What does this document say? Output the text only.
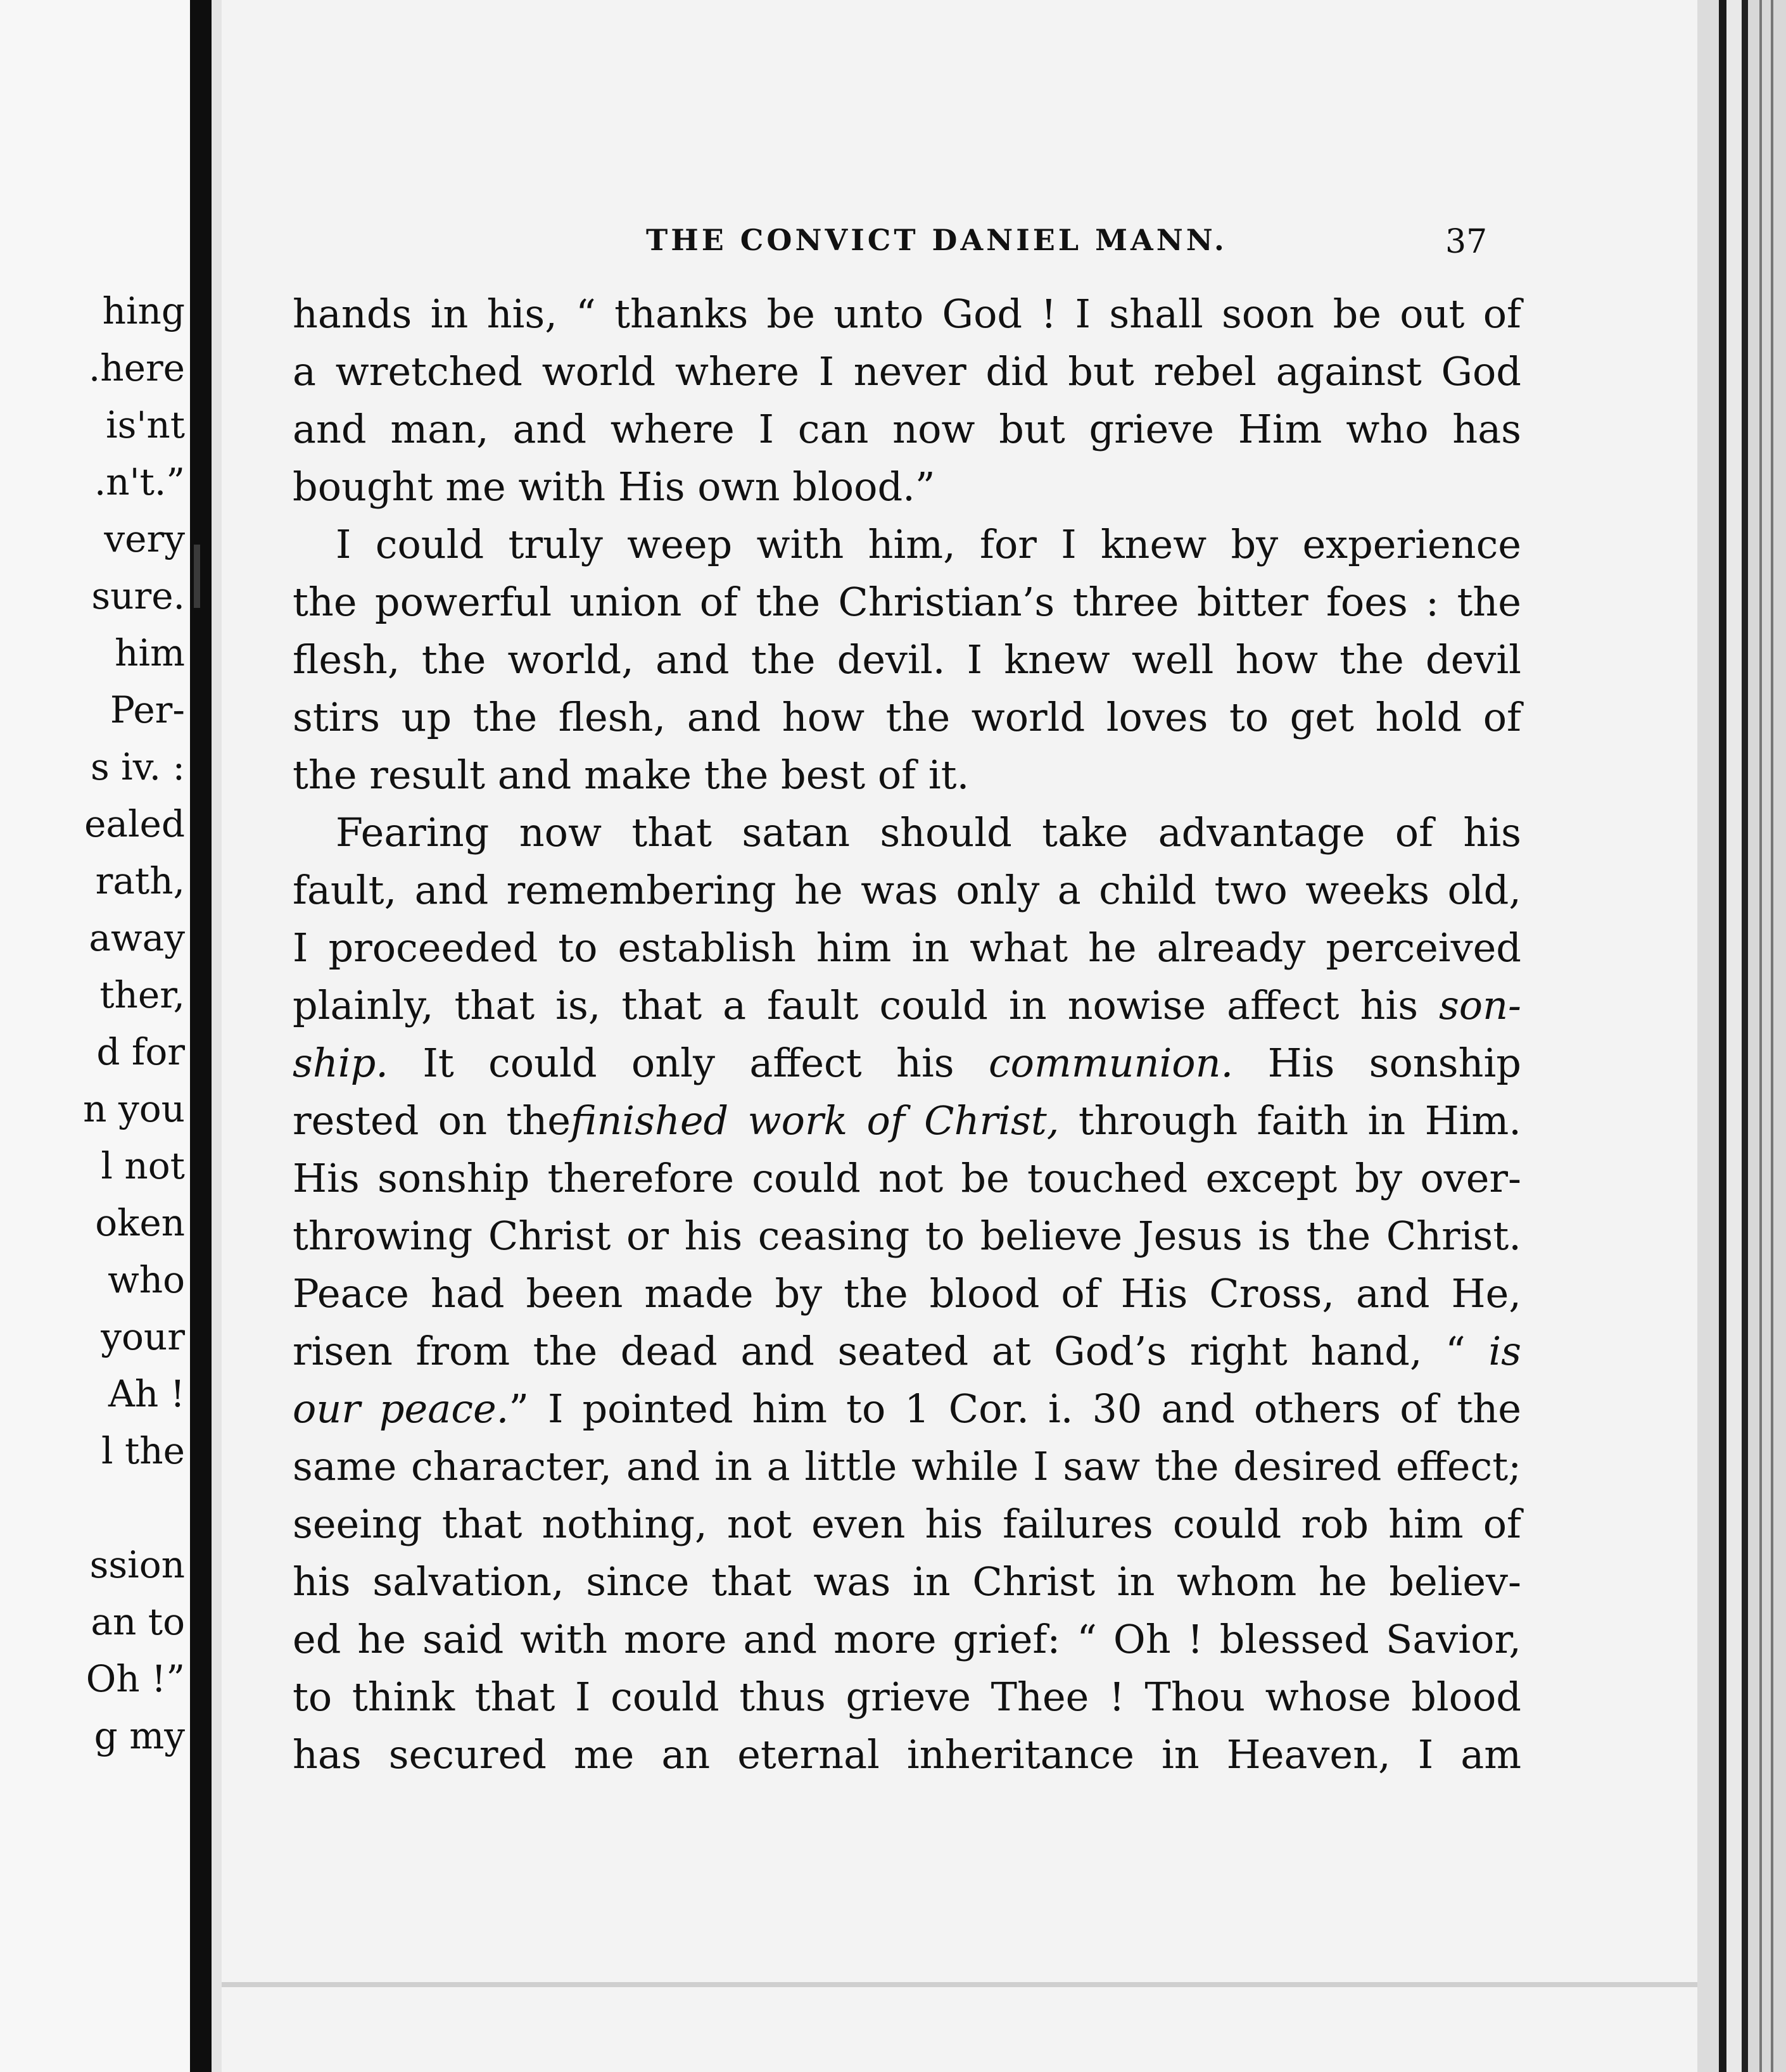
hing
.here
is'nt
.n't.”
very
sure.
him
Per-
s iv. :
ealed
rath,
away
ther,
d for
n you
l not
oken
who
your
Ah !
l the
ssion
an to
Oh !”
g my
THE CONVICT DANIEL MANN.	37
hands in his, “ thanks be unto God ! I shall soon be out of
a wretched world where I never did but rebel against God
and man, and where I can now but grieve Him who has
bought me with His own blood.”
I could truly weep with him, for I knew by experience
the powerful union of the Christian’s three bitter foes : the
flesh, the world, and the devil. I knew well how the devil
stirs up the flesh, and how the world loves to get hold of
the result and make the best of it.
Fearing now that satan should take advantage of his
fault, and remembering he was only a child two weeks old,
I proceeded to establish him in what he already perceived
plainly, that is, that a fault could in nowise affect his son-
ship. It could only affect his communion. His sonship
rested on thefinished work of Christ, through faith in Him.
His sonship therefore could not be touched except by over-
throwing Christ or his ceasing to believe Jesus is the Christ.
Peace had been made by the blood of His Cross, and He,
risen from the dead and seated at God’s right hand, “ is
our peace.” I pointed him to 1 Cor. i. 30 and others of the
same character, and in a little while I saw the desired effect;
seeing that nothing, not even his failures could rob him of
his salvation, since that was in Christ in whom he believ-
ed he said with more and more grief: “ Oh ! blessed Savior,
to think that I could thus grieve Thee ! Thou whose blood
has secured me an eternal inheritance in Heaven, I am
